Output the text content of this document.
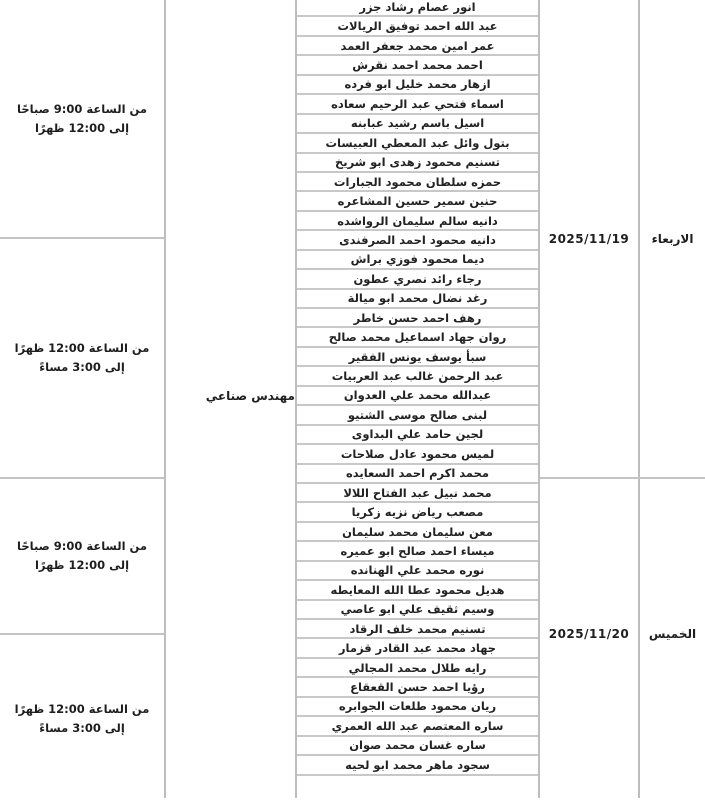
من الساعة 9:00 صباحًا
إلى 12:00 ظهرًا
من الساعة 12:00 ظهرًا
إلى 3:00 مساءً
من الساعة 9:00 صباحًا
إلى 12:00 ظهرًا
من الساعة 12:00 ظهرًا
إلى 3:00 مساءً
مهندس صناعي
انور عصام رشاد جزر
عبد الله احمد توفيق الريالات
عمر امين محمد جعفر العمد
احمد محمد احمد نقرش
ازهار محمد خليل ابو فرده
اسماء فتحي عبد الرحيم سعاده
اسيل باسم رشيد عبابنه
بتول وائل عبد المعطي العبيسات
تسنيم محمود زهدى ابو شريخ
حمزه سلطان محمود الجبارات
حنين سمير حسين المشاعره
دانيه سالم سليمان الرواشده
دانيه محمود احمد الصرفندى
ديما محمود فوزي براش
رجاء رائد نصري عطون
رغد نضال محمد ابو ميالة
رهف احمد حسن خاطر
روان جهاد اسماعيل محمد صالح
سبأ يوسف يونس الفقير
عبد الرحمن غالب عبد العربيات
عبدالله محمد علي العدوان
لبنى صالح موسى الشتيو
لجين حامد علي البداوى
لميس محمود عادل صلاحات
محمد اكرم احمد السعايده
محمد نبيل عبد الفتاح اللالا
مصعب رياض نزيه زكريا
معن سليمان محمد سليمان
ميساء احمد صالح ابو عميره
نوره محمد علي الهنانده
هديل محمود عطا الله المعايطه
وسيم ثقيف علي ابو عاصي
تسنيم محمد خلف الرقاد
جهاد محمد عبد القادر قزمار
رايه طلال محمد المجالي
رؤيا احمد حسن القعقاع
ريان محمود طلعات الجوابره
ساره المعتصم عبد الله العمري
ساره غسان محمد صوان
سجود ماهر محمد ابو لحيه
2025/11/19
2025/11/20
الاربعاء
الخميس
